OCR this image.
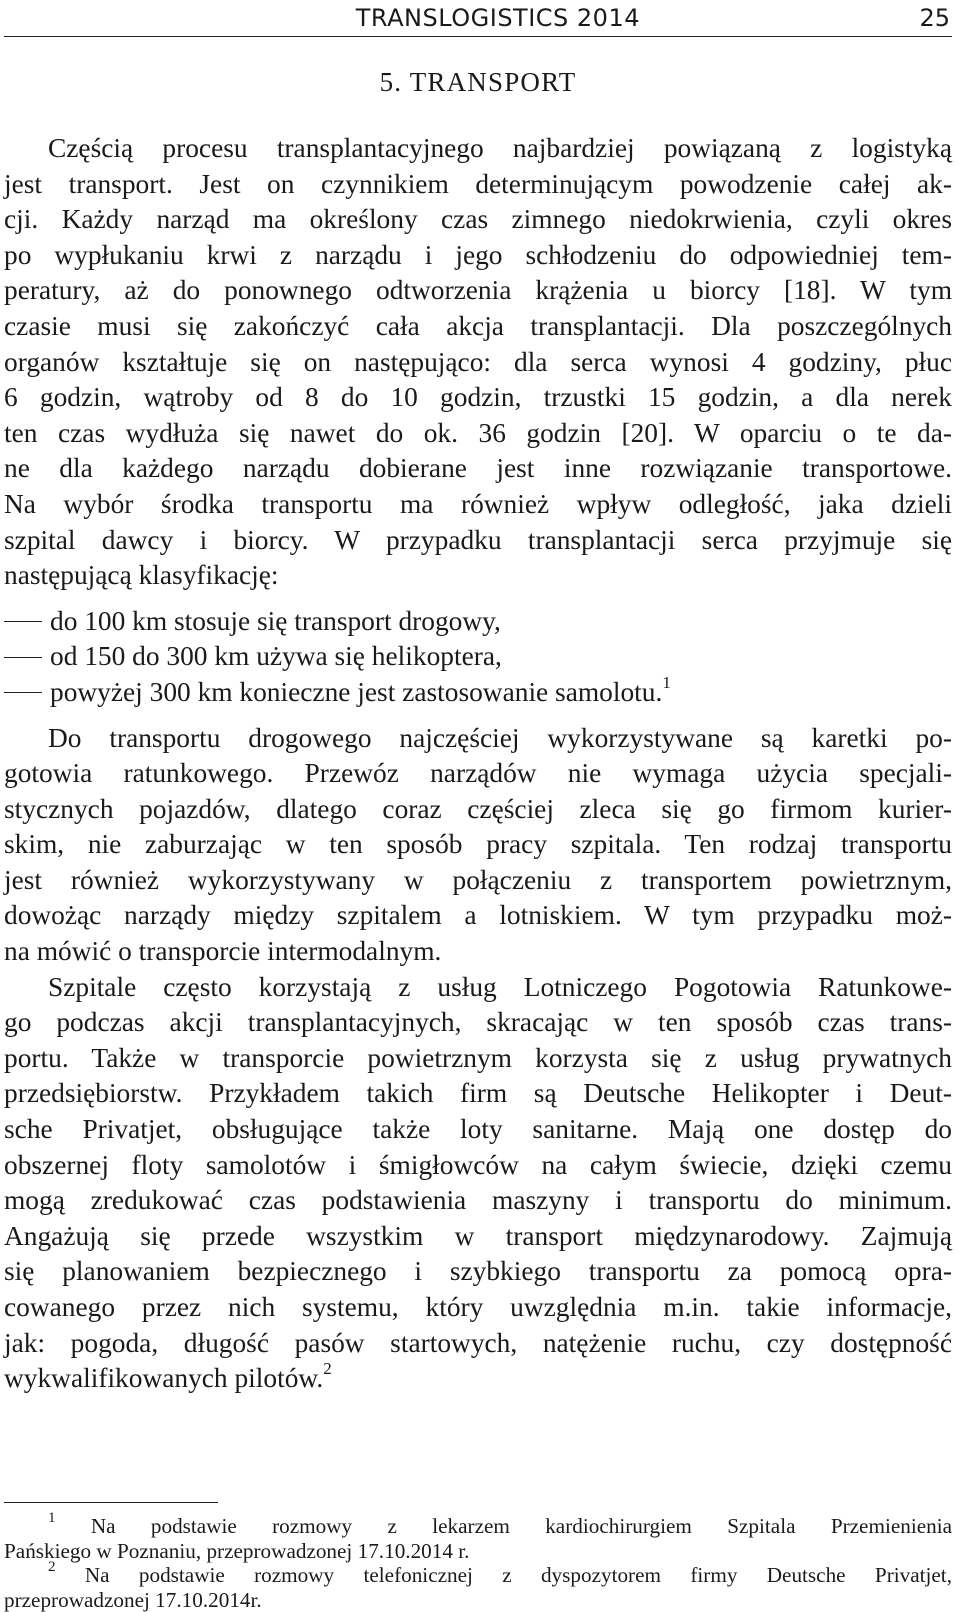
TRANSLOGISTICS 2014	25
5. TRANSPORT
Częścią procesu transplantacyjnego najbardziej powiązaną z logistyką
jest transport. Jest on czynnikiem determinującym powodzenie całej ak-
cji. Każdy narząd ma określony czas zimnego niedokrwienia, czyli okres
po wypłukaniu krwi z narządu i jego schłodzeniu do odpowiedniej tem-
peratury, aż do ponownego odtworzenia krążenia u biorcy [18]. W tym
czasie musi się zakończyć cała akcja transplantacji. Dla poszczególnych
organów kształtuje się on następująco: dla serca wynosi 4 godziny, płuc
6 godzin, wątroby od 8 do 10 godzin, trzustki 15 godzin, a dla nerek
ten czas wydłuża się nawet do ok. 36 godzin [20]. W oparciu o te da-
ne dla każdego narządu dobierane jest inne rozwiązanie transportowe.
Na wybór środka transportu ma również wpływ odległość, jaka dzieli
szpital dawcy i biorcy. W przypadku transplantacji serca przyjmuje się
następującą klasyfikację:
do 100 km stosuje się transport drogowy,
od 150 do 300 km używa się helikoptera,
powyżej 300 km konieczne jest zastosowanie samolotu.$^1$
Do transportu drogowego najczęściej wykorzystywane są karetki po-
gotowia ratunkowego. Przewóz narządów nie wymaga użycia specjali-
stycznych pojazdów, dlatego coraz częściej zleca się go firmom kurier-
skim, nie zaburzając w ten sposób pracy szpitala. Ten rodzaj transportu
jest również wykorzystywany w połączeniu z transportem powietrznym,
dowożąc narządy między szpitalem a lotniskiem. W tym przypadku moż-
na mówić o transporcie intermodalnym.
Szpitale często korzystają z usług Lotniczego Pogotowia Ratunkowe-
go podczas akcji transplantacyjnych, skracając w ten sposób czas trans-
portu. Także w transporcie powietrznym korzysta się z usług prywatnych
przedsiębiorstw. Przykładem takich firm są Deutsche Helikopter i Deut-
sche Privatjet, obsługujące także loty sanitarne. Mają one dostęp do
obszernej floty samolotów i śmigłowców na całym świecie, dzięki czemu
mogą zredukować czas podstawienia maszyny i transportu do minimum.
Angażują się przede wszystkim w transport międzynarodowy. Zajmują
się planowaniem bezpiecznego i szybkiego transportu za pomocą opra-
cowanego przez nich systemu, który uwzględnia m.in. takie informacje,
jak: pogoda, długość pasów startowych, natężenie ruchu, czy dostępność
wykwalifikowanych pilotów.$^2$
$^1$ Na podstawie rozmowy z lekarzem kardiochirurgiem Szpitala Przemienienia
Pańskiego w Poznaniu, przeprowadzonej 17.10.2014 r.
$^2$ Na podstawie rozmowy telefonicznej z dyspozytorem firmy Deutsche Privatjet,
przeprowadzonej 17.10.2014r.
